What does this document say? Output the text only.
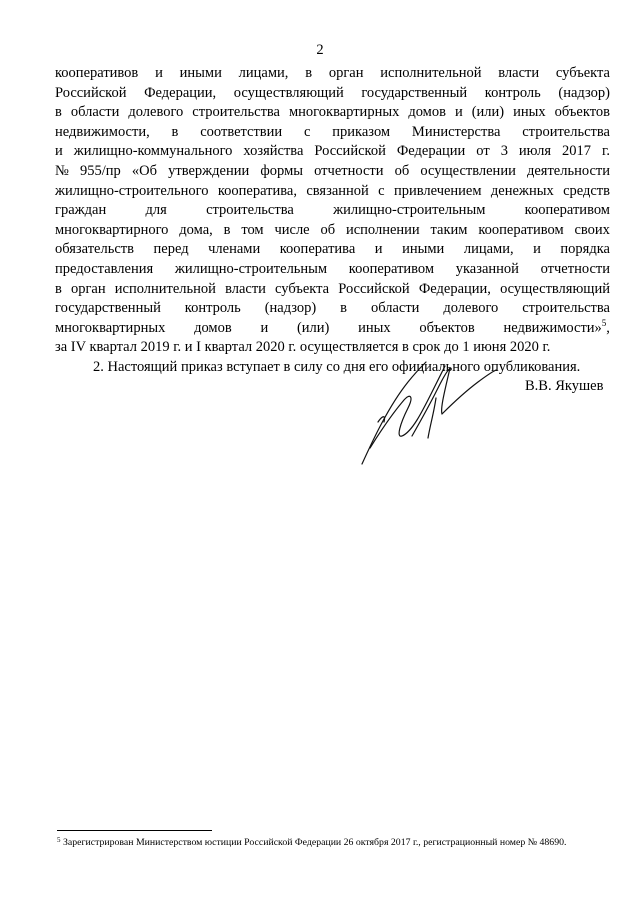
2
кооперативов и иными лицами, в орган исполнительной власти субъекта
Российской Федерации, осуществляющий государственный контроль (надзор)
в области долевого строительства многоквартирных домов и (или) иных объектов
недвижимости, в соответствии с приказом Министерства строительства
и жилищно-коммунального хозяйства Российской Федерации от 3 июля 2017 г.
№ 955/пр «Об утверждении формы отчетности об осуществлении деятельности
жилищно-строительного кооператива, связанной с привлечением денежных средств
граждан	для	строительства	жилищно-строительным	кооперативом
многоквартирного дома, в том числе об исполнении таким кооперативом своих
обязательств перед членами кооператива и иными лицами, и порядка
предоставления жилищно-строительным кооперативом указанной отчетности
в орган исполнительной власти субъекта Российской Федерации, осуществляющий
государственный контроль (надзор) в области долевого строительства
многоквартирных домов и (или) иных объектов недвижимости»$^5$,
за IV квартал 2019 г. и I квартал 2020 г. осуществляется в срок до 1 июня 2020 г.
2. Настоящий приказ вступает в силу со дня его официального опубликования.
В.В. Якушев
$^5$ Зарегистрирован Министерством юстиции Российской Федерации 26 октября 2017 г., регистрационный номер № 48690.
